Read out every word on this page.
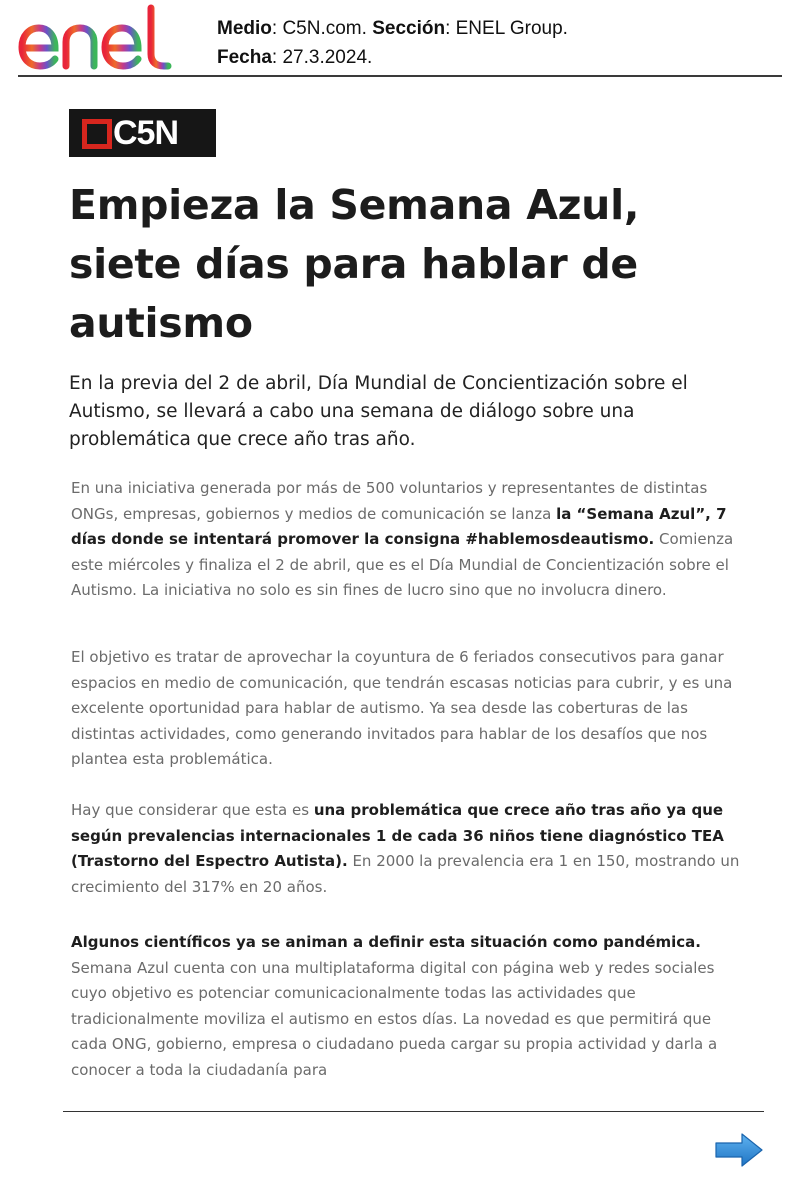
Medio: C5N.com. Sección: ENEL Group.
Fecha: 27.3.2024.
C5N
Empieza la Semana Azul, siete días para hablar de autismo

En la previa del 2 de abril, Día Mundial de Concientización sobre el Autismo, se llevará a cabo una semana de diálogo sobre una problemática que crece año tras año.

En una iniciativa generada por más de 500 voluntarios y representantes de distintas ONGs, empresas, gobiernos y medios de comunicación se lanza la “Semana Azul”, 7 días donde se intentará promover la consigna #hablemosdeautismo. Comienza este miércoles y finaliza el 2 de abril, que es el Día Mundial de Concientización sobre el Autismo. La iniciativa no solo es sin fines de lucro sino que no involucra dinero.

El objetivo es tratar de aprovechar la coyuntura de 6 feriados consecutivos para ganar espacios en medio de comunicación, que tendrán escasas noticias para cubrir, y es una excelente oportunidad para hablar de autismo. Ya sea desde las coberturas de las distintas actividades, como generando invitados para hablar de los desafíos que nos plantea esta problemática.

Hay que considerar que esta es una problemática que crece año tras año ya que según prevalencias internacionales 1 de cada 36 niños tiene diagnóstico TEA (Trastorno del Espectro Autista). En 2000 la prevalencia era 1 en 150, mostrando un crecimiento del 317% en 20 años.

Algunos científicos ya se animan a definir esta situación como pandémica. Semana Azul cuenta con una multiplataforma digital con página web y redes sociales cuyo objetivo es potenciar comunicacionalmente todas las actividades que tradicionalmente moviliza el autismo en estos días. La novedad es que permitirá que cada ONG, gobierno, empresa o ciudadano pueda cargar su propia actividad y darla a conocer a toda la ciudadanía para
